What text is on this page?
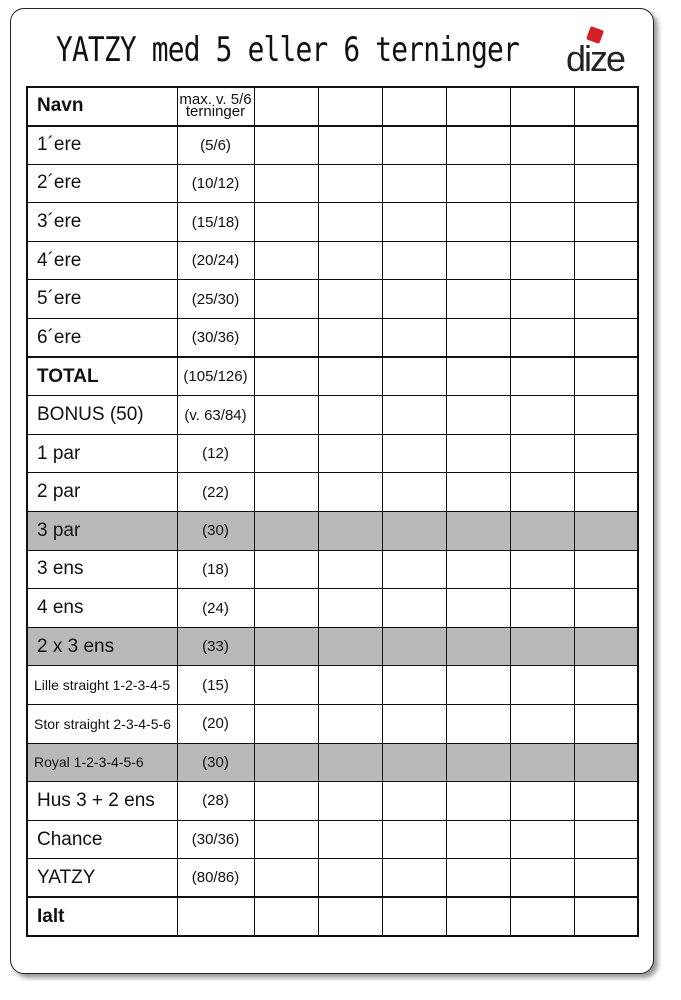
YATZY med 5 eller 6 terninger dize
Navn	max. v. 5/6 terninger						
1´ere	(5/6)						
2´ere	(10/12)						
3´ere	(15/18)						
4´ere	(20/24)						
5´ere	(25/30)						
6´ere	(30/36)						
TOTAL	(105/126)						
BONUS (50)	(v. 63/84)						
1 par	(12)						
2 par	(22)						
3 par	(30)						
3 ens	(18)						
4 ens	(24)						
2 x 3 ens	(33)						
Lille straight 1-2-3-4-5	(15)						
Stor straight 2-3-4-5-6	(20)						
Royal 1-2-3-4-5-6	(30)						
Hus 3 + 2 ens	(28)						
Chance	(30/36)						
YATZY	(80/86)						
Ialt							
